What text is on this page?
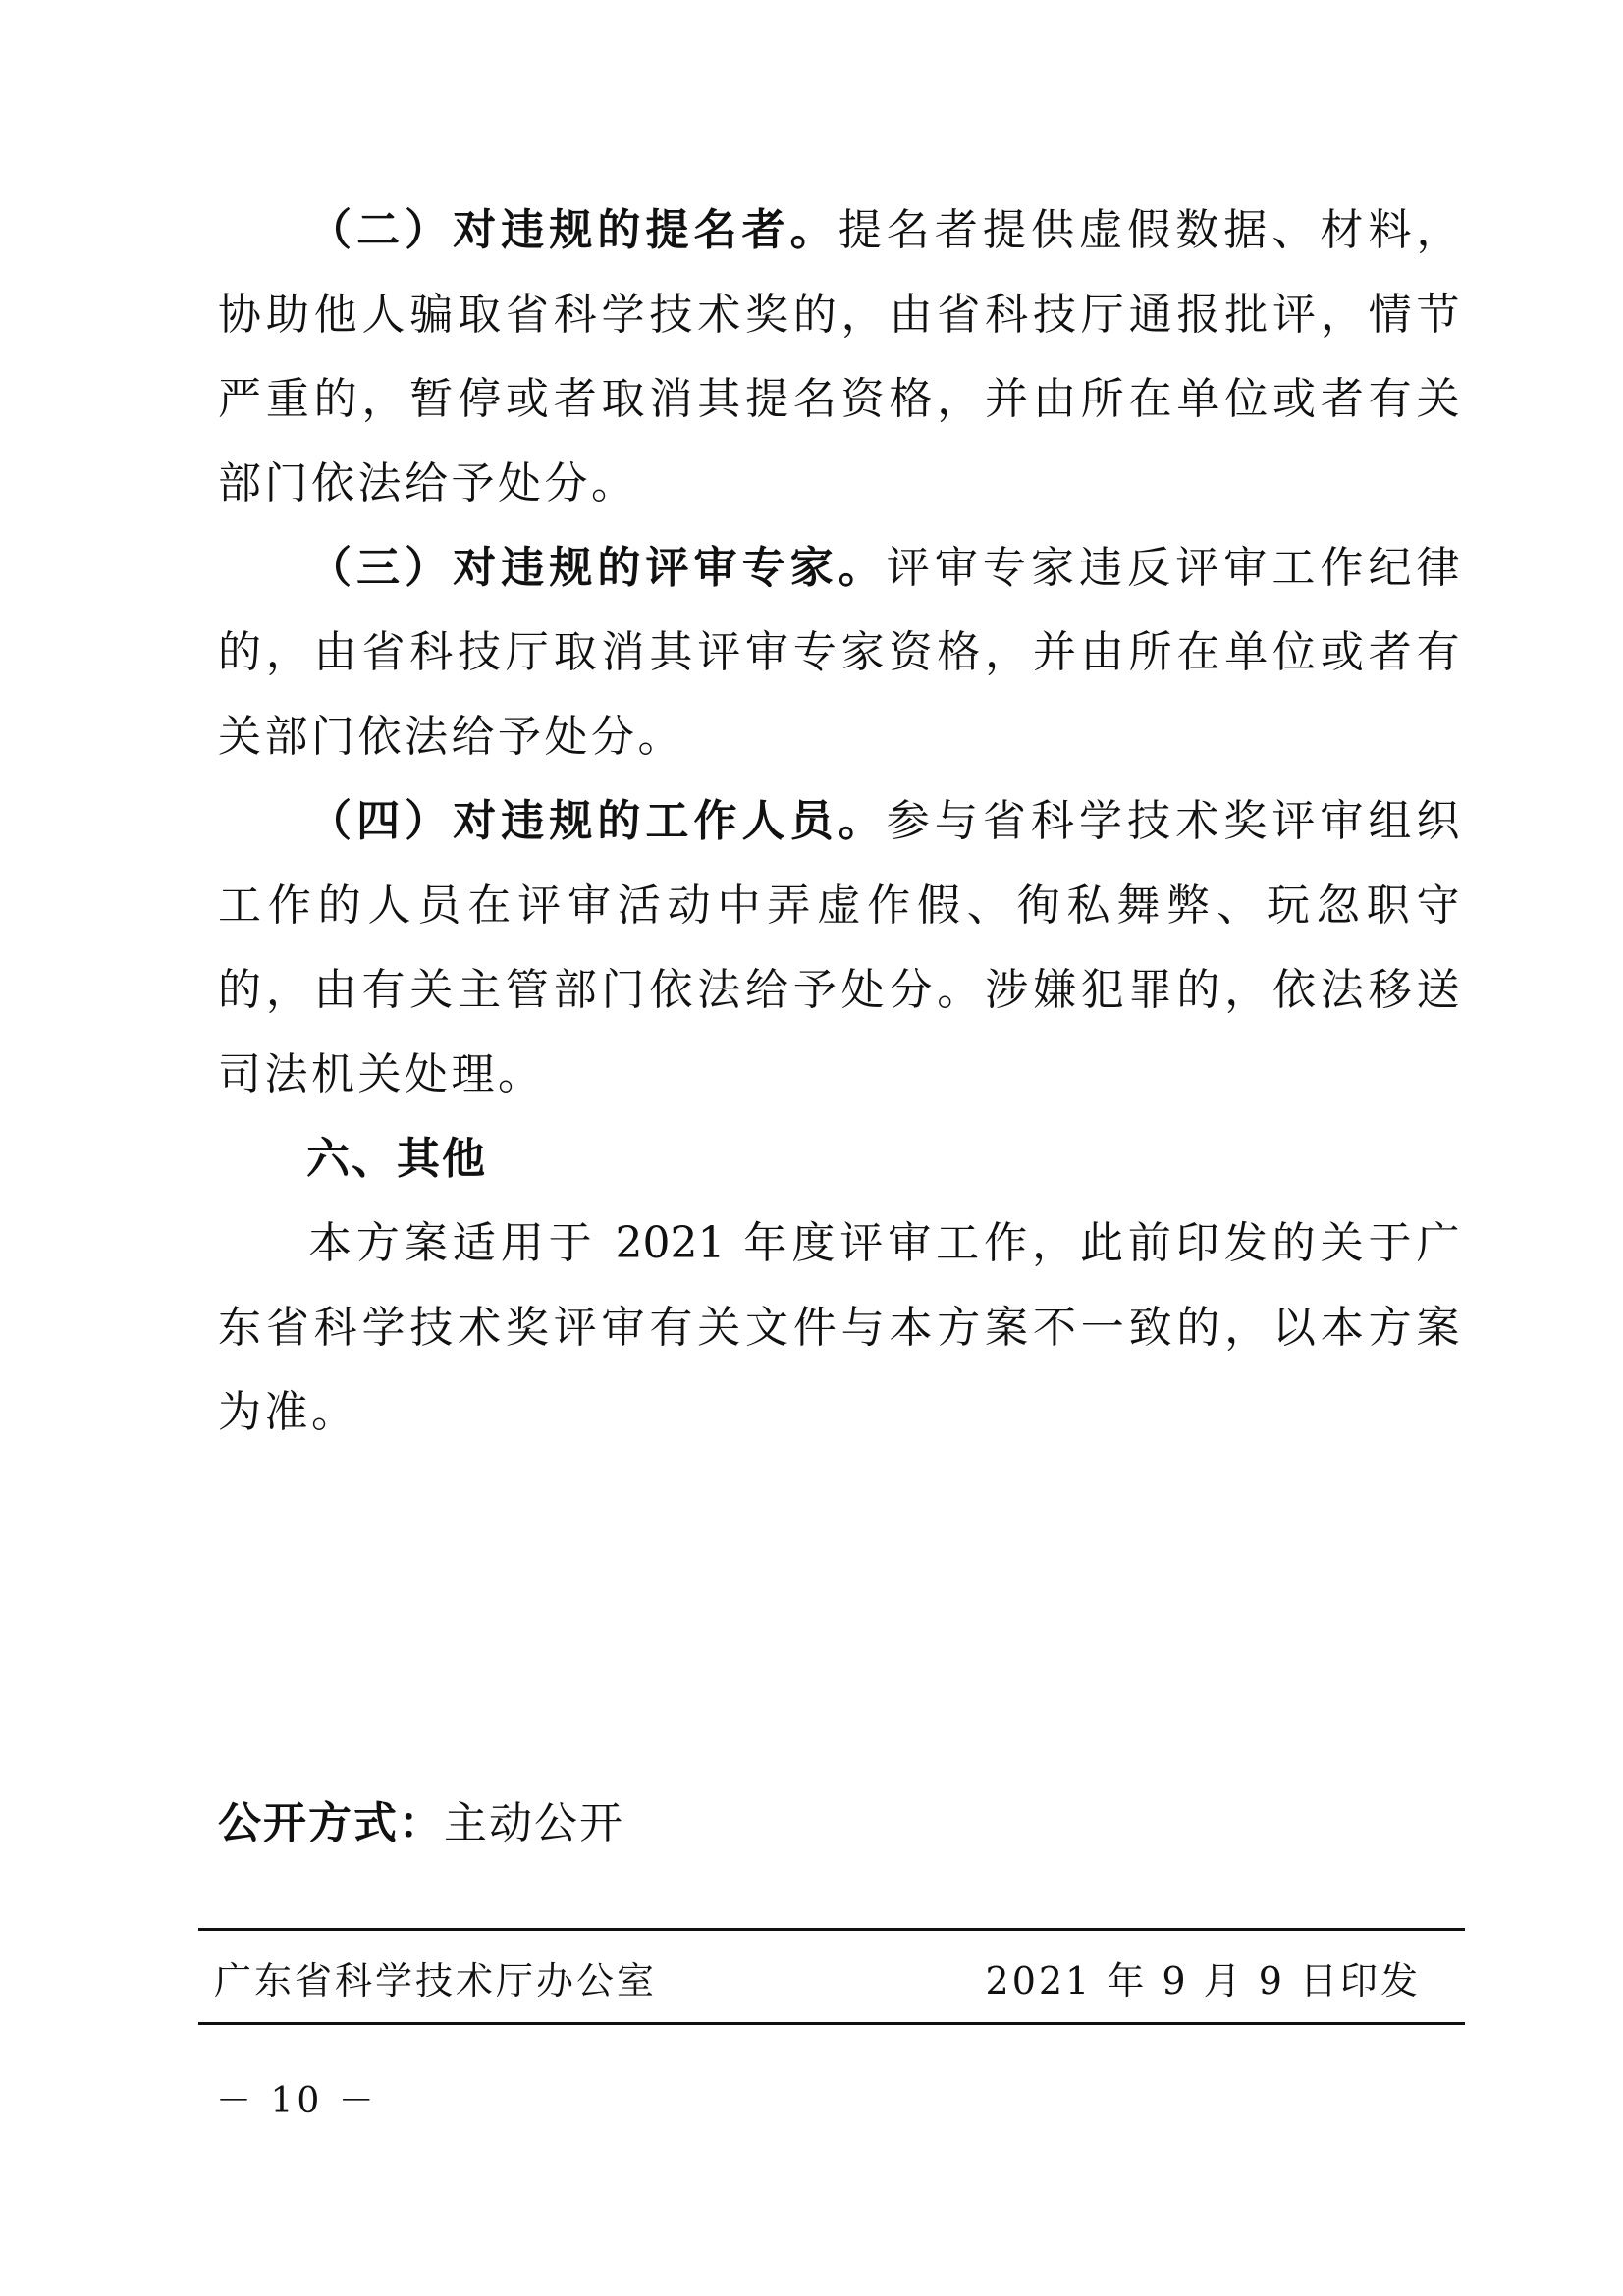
（二）对违规的提名者。提名者提供虚假数据、材料，协助他人骗取省科学技术奖的，由省科技厅通报批评，情节严重的，暂停或者取消其提名资格，并由所在单位或者有关部门依法给予处分。

（三）对违规的评审专家。评审专家违反评审工作纪律的，由省科技厅取消其评审专家资格，并由所在单位或者有关部门依法给予处分。

（四）对违规的工作人员。参与省科学技术奖评审组织工作的人员在评审活动中弄虚作假、徇私舞弊、玩忽职守的，由有关主管部门依法给予处分。涉嫌犯罪的，依法移送司法机关处理。

六、其他

本方案适用于 2021 年度评审工作，此前印发的关于广东省科学技术奖评审有关文件与本方案不一致的，以本方案为准。

公开方式：主动公开
广东省科学技术厅办公室	2021 年 9 月 9 日印发
－ 10 －
